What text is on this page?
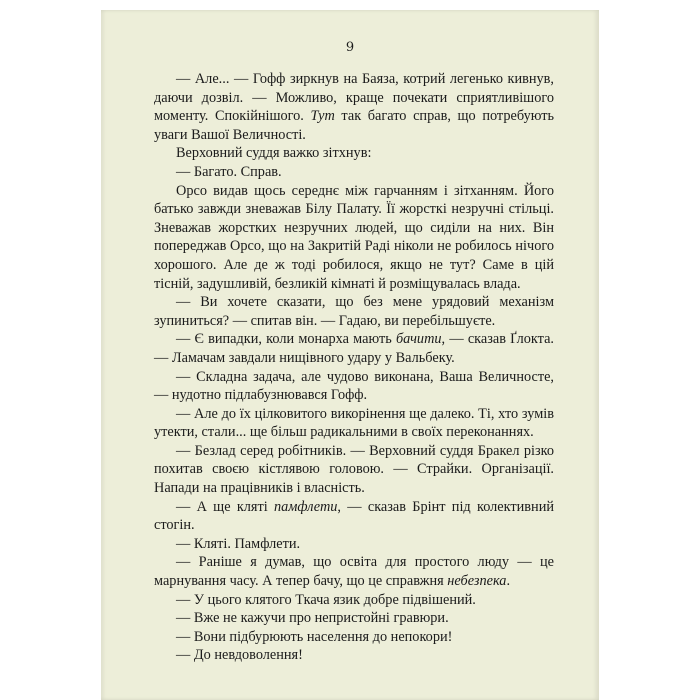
9
— Але... — Гофф зиркнув на Баяза, котрий легенько кивнув, даючи дозвіл. — Можливо, краще почекати сприятливішого моменту. Спокійнішого. Тут так багато справ, що потребують уваги Вашої Величності.
Верховний суддя важко зітхнув:
— Багато. Справ.
Орсо видав щось середнє між гарчанням і зітханням. Його батько завжди зневажав Білу Палату. Її жорсткі незручні стільці. Зневажав жорстких незручних людей, що сиділи на них. Він попереджав Орсо, що на Закритій Раді ніколи не робилось нічого хорошого. Але де ж тоді робилося, якщо не тут? Саме в цій тісній, задушливій, безликій кімнаті й розміщувалась влада.
— Ви хочете сказати, що без мене урядовий механізм зупиниться? — спитав він. — Гадаю, ви перебільшуєте.
— Є випадки, коли монарха мають бачити, — сказав Ґлокта. — Ламачам завдали нищівного удару у Вальбеку.
— Складна задача, але чудово виконана, Ваша Величносте, — нудотно підлабузнювався Гофф.
— Але до їх цілковитого викорінення ще далеко. Ті, хто зумів утекти, стали... ще більш радикальними в своїх переконаннях.
— Безлад серед робітників. — Верховний суддя Бракел різко похитав своєю кістлявою головою. — Страйки. Організації. Напади на працівників і власність.
— А ще кляті памфлети, — сказав Брінт під колективний стогін.
— Кляті. Памфлети.
— Раніше я думав, що освіта для простого люду — це марнування часу. А тепер бачу, що це справжня небезпека.
— У цього клятого Ткача язик добре підвішений.
— Вже не кажучи про непристойні гравюри.
— Вони підбурюють населення до непокори!
— До невдоволення!
